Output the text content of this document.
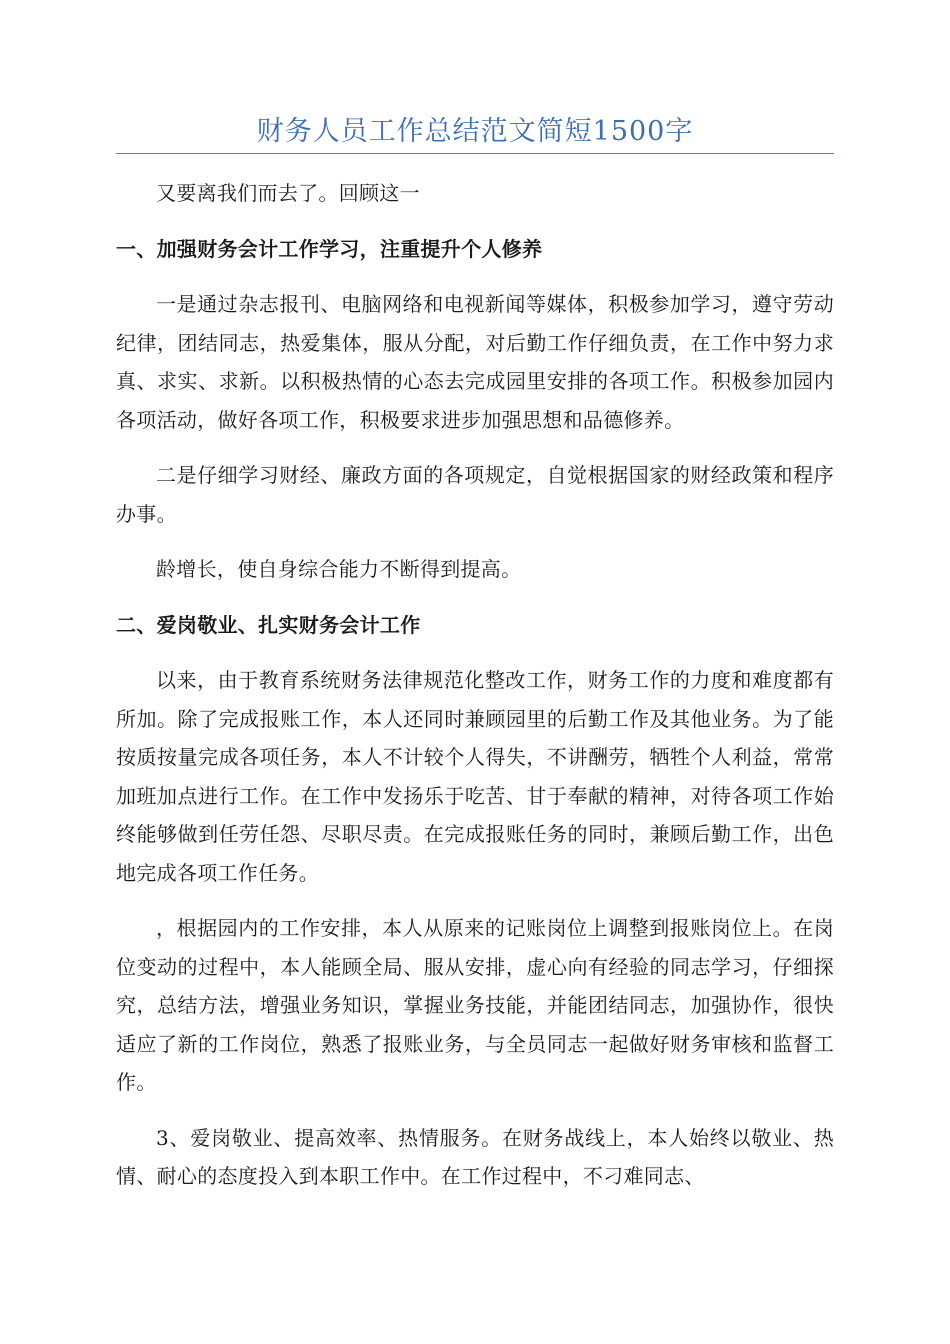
财务人员工作总结范文简短1500字

又要离我们而去了。回顾这一

一、加强财务会计工作学习，注重提升个人修养

一是通过杂志报刊、电脑网络和电视新闻等媒体，积极参加学习，遵守劳动纪律，团结同志，热爱集体，服从分配，对后勤工作仔细负责，在工作中努力求真、求实、求新。以积极热情的心态去完成园里安排的各项工作。积极参加园内各项活动，做好各项工作，积极要求进步加强思想和品德修养。

二是仔细学习财经、廉政方面的各项规定，自觉根据国家的财经政策和程序办事。

龄增长，使自身综合能力不断得到提高。

二、爱岗敬业、扎实财务会计工作

以来，由于教育系统财务法律规范化整改工作，财务工作的力度和难度都有所加。除了完成报账工作，本人还同时兼顾园里的后勤工作及其他业务。为了能按质按量完成各项任务，本人不计较个人得失，不讲酬劳，牺牲个人利益，常常加班加点进行工作。在工作中发扬乐于吃苦、甘于奉献的精神，对待各项工作始终能够做到任劳任怨、尽职尽责。在完成报账任务的同时，兼顾后勤工作，出色地完成各项工作任务。

，根据园内的工作安排，本人从原来的记账岗位上调整到报账岗位上。在岗位变动的过程中，本人能顾全局、服从安排，虚心向有经验的同志学习，仔细探究，总结方法，增强业务知识，掌握业务技能，并能团结同志，加强协作，很快适应了新的工作岗位，熟悉了报账业务，与全员同志一起做好财务审核和监督工作。

3、爱岗敬业、提高效率、热情服务。在财务战线上，本人始终以敬业、热情、耐心的态度投入到本职工作中。在工作过程中，不刁难同志、
